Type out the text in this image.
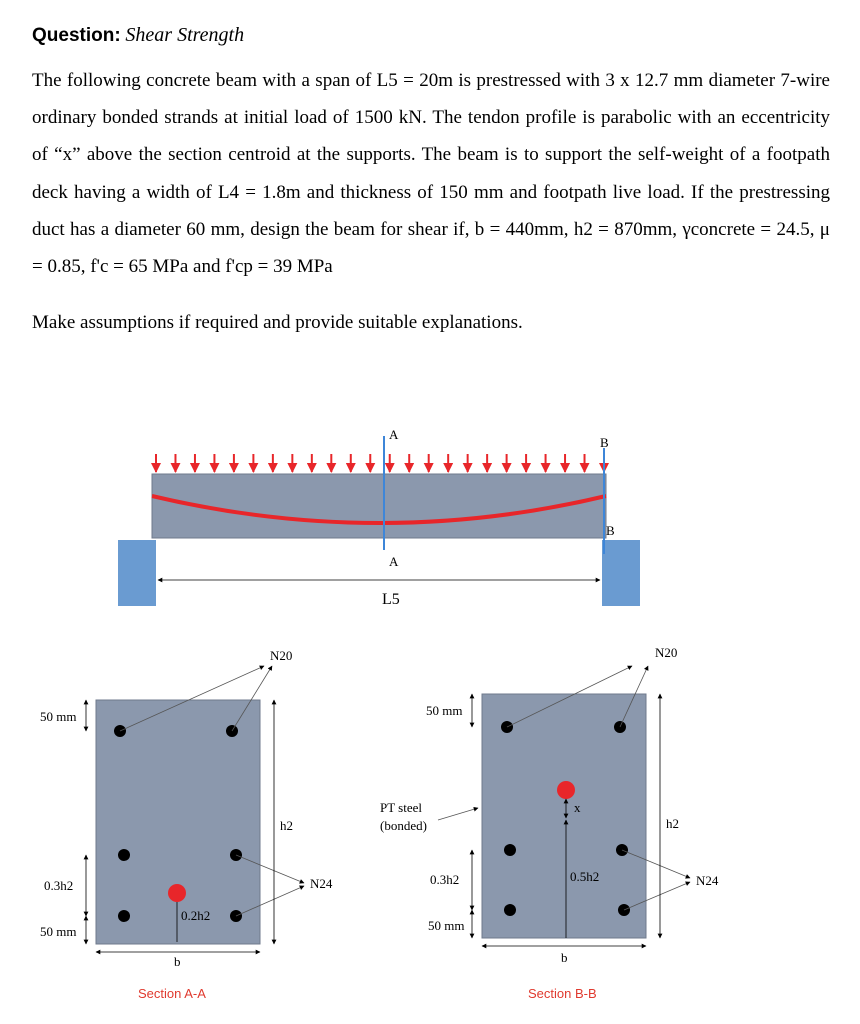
Question: Shear Strength

The following concrete beam with a span of L5 = 20m is prestressed with 3 x 12.7 mm diameter 7-wire ordinary bonded strands at initial load of 1500 kN. The tendon profile is parabolic with an eccentricity of “x” above the section centroid at the supports. The beam is to support the self-weight of a footpath deck having a width of L4 = 1.8m and thickness of 150 mm and footpath live load. If the prestressing duct has a diameter 60 mm, design the beam for shear if, b = 440mm, h2 = 870mm, γconcrete = 24.5, μ = 0.85, f'c = 65 MPa and f'cp = 39 MPa

Make assumptions if required and provide suitable explanations.

A
A
B
B
L5
0.2h2
N20
N24
h2
50 mm
0.3h2
50 mm
b
Section A-A
x
0.5h2
PT steel
(bonded)
N20
N24
h2
50 mm
0.3h2
50 mm
b
Section B-B
